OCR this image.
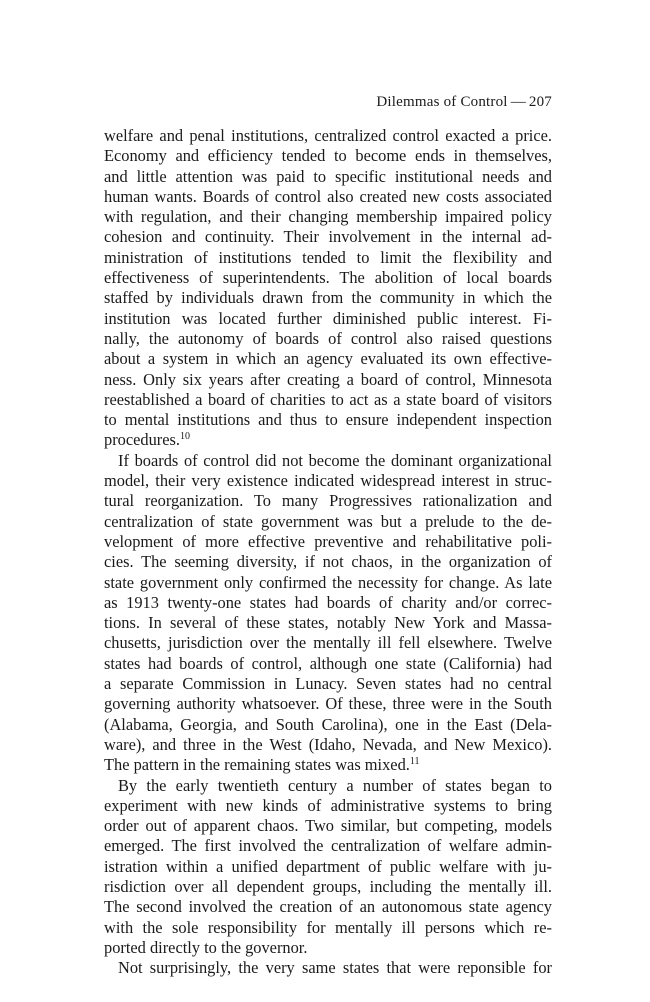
Dilemmas of Control — 207
welfare and penal institutions, centralized control exacted a price.
Economy and efficiency tended to become ends in themselves,
and little attention was paid to specific institutional needs and
human wants. Boards of control also created new costs associated
with regulation, and their changing membership impaired policy
cohesion and continuity. Their involvement in the internal ad-
ministration of institutions tended to limit the flexibility and
effectiveness of superintendents. The abolition of local boards
staffed by individuals drawn from the community in which the
institution was located further diminished public interest. Fi-
nally, the autonomy of boards of control also raised questions
about a system in which an agency evaluated its own effective-
ness. Only six years after creating a board of control, Minnesota
reestablished a board of charities to act as a state board of visitors
to mental institutions and thus to ensure independent inspection
procedures.$^{10}$
If boards of control did not become the dominant organizational
model, their very existence indicated widespread interest in struc-
tural reorganization. To many Progressives rationalization and
centralization of state government was but a prelude to the de-
velopment of more effective preventive and rehabilitative poli-
cies. The seeming diversity, if not chaos, in the organization of
state government only confirmed the necessity for change. As late
as 1913 twenty-one states had boards of charity and/or correc-
tions. In several of these states, notably New York and Massa-
chusetts, jurisdiction over the mentally ill fell elsewhere. Twelve
states had boards of control, although one state (California) had
a separate Commission in Lunacy. Seven states had no central
governing authority whatsoever. Of these, three were in the South
(Alabama, Georgia, and South Carolina), one in the East (Dela-
ware), and three in the West (Idaho, Nevada, and New Mexico).
The pattern in the remaining states was mixed.$^{11}$
By the early twentieth century a number of states began to
experiment with new kinds of administrative systems to bring
order out of apparent chaos. Two similar, but competing, models
emerged. The first involved the centralization of welfare admin-
istration within a unified department of public welfare with ju-
risdiction over all dependent groups, including the mentally ill.
The second involved the creation of an autonomous state agency
with the sole responsibility for mentally ill persons which re-
ported directly to the governor.
Not surprisingly, the very same states that were reponsible for
